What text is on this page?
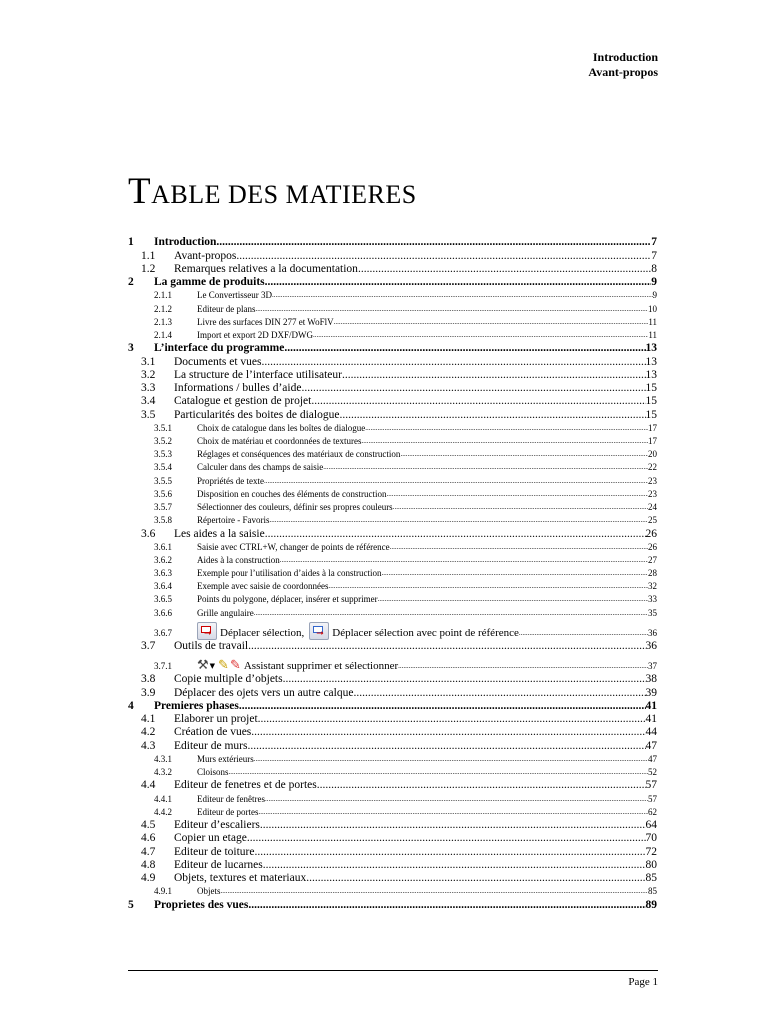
Introduction
Avant-propos
TABLE DES MATIERES
1	Introduction .....	7
1.1	Avant-propos .....	7
1.2	Remarques relatives a la documentation .....	8
2	La gamme de produits .....	9
2.1.1	Le Convertisseur 3D .....	9
2.1.2	Editeur de plans .....	10
2.1.3	Livre des surfaces DIN 277 et WoFlV .....	11
2.1.4	Import et export 2D DXF/DWG .....	11
3	L’interface du programme .....	13
3.1	Documents et vues .....	13
3.2	La structure de l’interface utilisateur .....	13
3.3	Informations / bulles d’aide .....	15
3.4	Catalogue et gestion de projet .....	15
3.5	Particularités des boites de dialogue .....	15
3.5.1	Choix de catalogue dans les boîtes de dialogue .....	17
3.5.2	Choix de matériau et coordonnées de textures .....	17
3.5.3	Réglages et conséquences des matériaux de construction .....	20
3.5.4	Calculer dans des champs de saisie .....	22
3.5.5	Propriétés de texte .....	23
3.5.6	Disposition en couches des éléments de construction .....	23
3.5.7	Sélectionner des couleurs, définir ses propres couleurs .....	24
3.5.8	Répertoire - Favoris .....	25
3.6	Les aides a la saisie .....	26
3.6.1	Saisie avec CTRL+W, changer de points de référence .....	26
3.6.2	Aides à la construction .....	27
3.6.3	Exemple pour l’utilisation d’aides à la construction .....	28
3.6.4	Exemple avec saisie de coordonnées .....	32
3.6.5	Points du polygone, déplacer, insérer et supprimer .....	33
3.6.6	Grille angulaire .....	35
3.6.7	➞ Déplacer sélection, ➞ Déplacer sélection avec point de référence .....	36
3.7	Outils de travail .....	36
3.7.1	⚒ ▼ ✎ ✎ Assistant supprimer et sélectionner .....	37
3.8	Copie multiple d’objets .....	38
3.9	Déplacer des ojets vers un autre calque .....	39
4	Premieres phases .....	41
4.1	Elaborer un projet .....	41
4.2	Création de vues .....	44
4.3	Editeur de murs .....	47
4.3.1	Murs extérieurs .....	47
4.3.2	Cloisons .....	52
4.4	Editeur de fenetres et de portes .....	57
4.4.1	Editeur de fenêtres .....	57
4.4.2	Editeur de portes .....	62
4.5	Editeur d’escaliers .....	64
4.6	Copier un etage .....	70
4.7	Editeur de toiture .....	72
4.8	Editeur de lucarnes .....	80
4.9	Objets, textures et materiaux .....	85
4.9.1	Objets .....	85
5	Proprietes des vues .....	89
Page 1
